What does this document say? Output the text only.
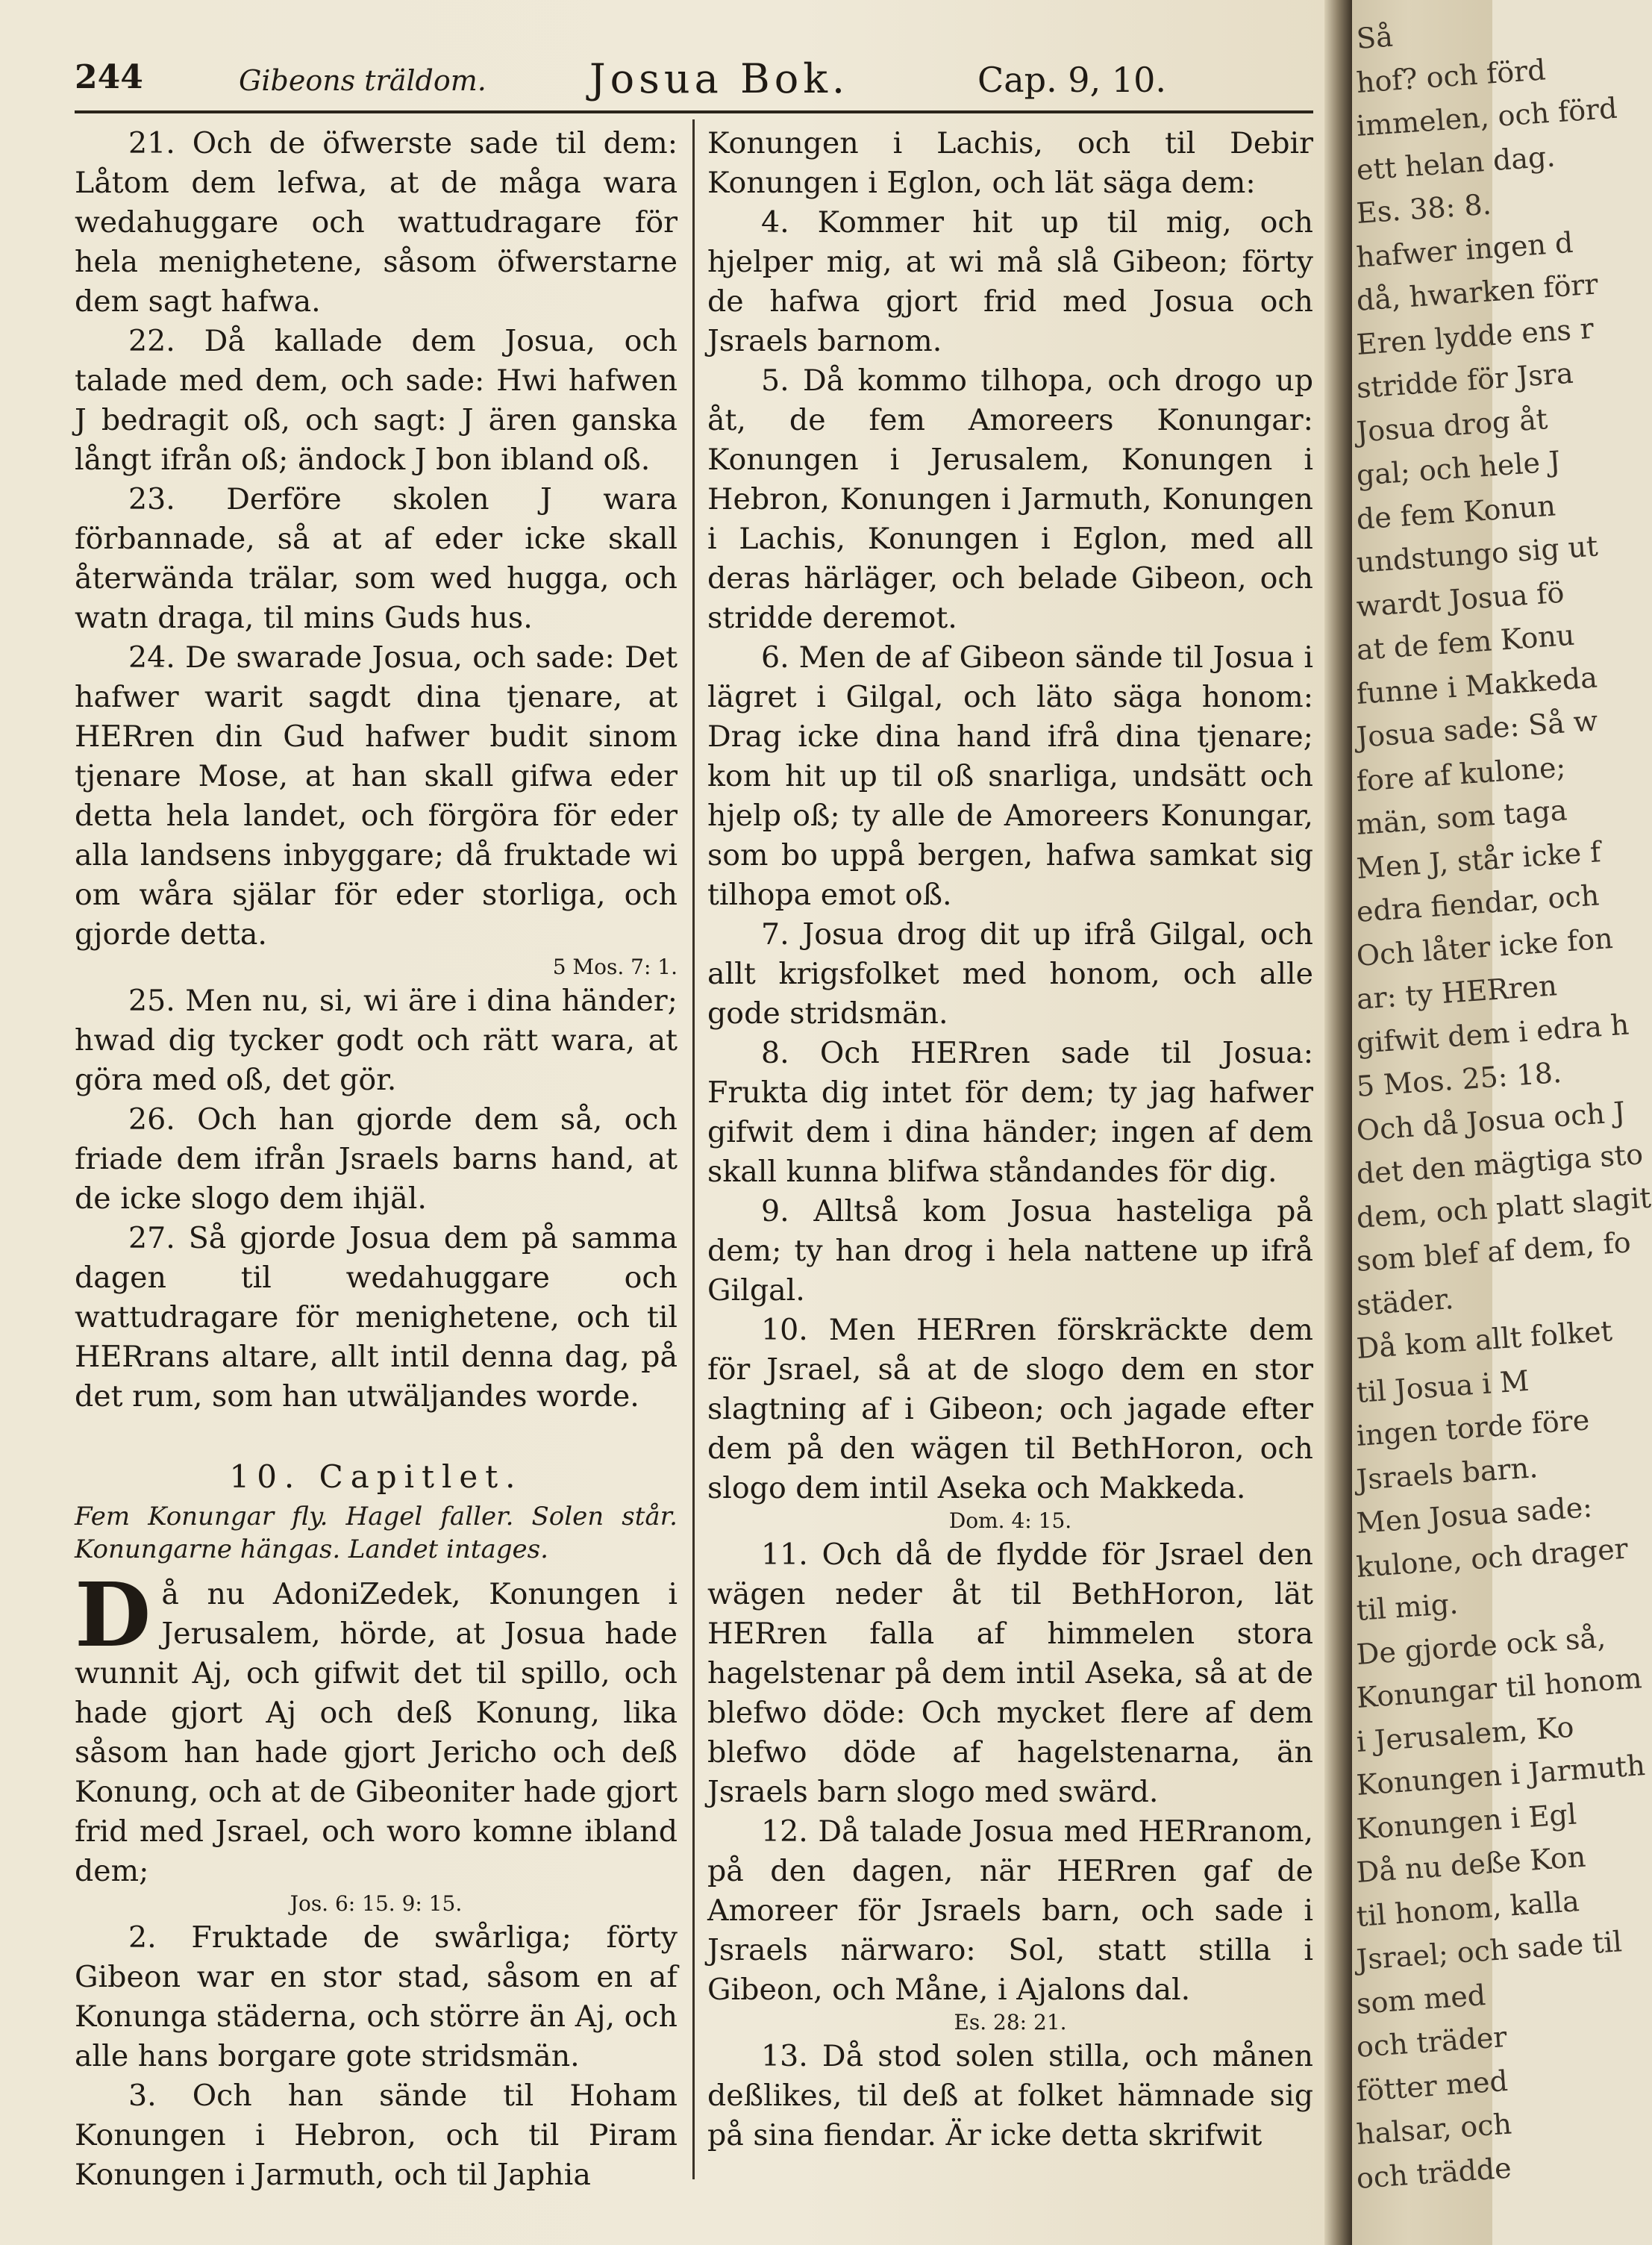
244	Gibeons träldom.	Josua Bok.	Cap. 9, 10.

21. Och de öfwerste sade til dem: Låtom dem lefwa, at de måga wara wedahuggare och wattudragare för hela menighetene, såsom öfwerstarne dem sagt hafwa.

22. Då kallade dem Josua, och talade med dem, och sade: Hwi hafwen J bedragit oß, och sagt: J ären ganska långt ifrån oß; ändock J bon ibland oß.

23. Derföre skolen J wara förbannade, så at af eder icke skall återwända trälar, som wed hugga, och watn draga, til mins Guds hus.

24. De swarade Josua, och sade: Det hafwer warit sagdt dina tjenare, at HERren din Gud hafwer budit sinom tjenare Mose, at han skall gifwa eder detta hela landet, och förgöra för eder alla landsens inbyggare; då fruktade wi om wåra själar för eder storliga, och gjorde detta.

5 Mos. 7: 1.

25. Men nu, si, wi äre i dina händer; hwad dig tycker godt och rätt wara, at göra med oß, det gör.

26. Och han gjorde dem så, och friade dem ifrån Jsraels barns hand, at de icke slogo dem ihjäl.

27. Så gjorde Josua dem på samma dagen til wedahuggare och wattudragare för menighetene, och til HERrans altare, allt intil denna dag, på det rum, som han utwäljandes worde.

10. Capitlet.

Fem Konungar fly. Hagel faller. Solen står. Konungarne hängas. Landet intages.

Då nu AdoniZedek, Konungen i Jerusalem, hörde, at Josua hade wunnit Aj, och gifwit det til spillo, och hade gjort Aj och deß Konung, lika såsom han hade gjort Jericho och deß Konung, och at de Gibeoniter hade gjort frid med Jsrael, och woro komne ibland dem;

Jos. 6: 15. 9: 15.

2. Fruktade de swårliga; förty Gibeon war en stor stad, såsom en af Konunga städerna, och större än Aj, och alle hans borgare gote stridsmän.

3. Och han sände til Hoham Konungen i Hebron, och til Piram Konungen i Jarmuth, och til Japhia

Konungen i Lachis, och til Debir Konungen i Eglon, och lät säga dem:

4. Kommer hit up til mig, och hjelper mig, at wi må slå Gibeon; förty de hafwa gjort frid med Josua och Jsraels barnom.

5. Då kommo tilhopa, och drogo up åt, de fem Amoreers Konungar: Konungen i Jerusalem, Konungen i Hebron, Konungen i Jarmuth, Konungen i Lachis, Konungen i Eglon, med all deras härläger, och belade Gibeon, och stridde deremot.

6. Men de af Gibeon sände til Josua i lägret i Gilgal, och läto säga honom: Drag icke dina hand ifrå dina tjenare; kom hit up til oß snarliga, undsätt och hjelp oß; ty alle de Amoreers Konungar, som bo uppå bergen, hafwa samkat sig tilhopa emot oß.

7. Josua drog dit up ifrå Gilgal, och allt krigsfolket med honom, och alle gode stridsmän.

8. Och HERren sade til Josua: Frukta dig intet för dem; ty jag hafwer gifwit dem i dina händer; ingen af dem skall kunna blifwa ståndandes för dig.

9. Alltså kom Josua hasteliga på dem; ty han drog i hela nattene up ifrå Gilgal.

10. Men HERren förskräckte dem för Jsrael, så at de slogo dem en stor slagtning af i Gibeon; och jagade efter dem på den wägen til BethHoron, och slogo dem intil Aseka och Makkeda.

Dom. 4: 15.

11. Och då de flydde för Jsrael den wägen neder åt til BethHoron, lät HERren falla af himmelen stora hagelstenar på dem intil Aseka, så at de blefwo döde: Och mycket flere af dem blefwo döde af hagelstenarna, än Jsraels barn slogo med swärd.

12. Då talade Josua med HERranom, på den dagen, när HERren gaf de Amoreer för Jsraels barn, och sade i Jsraels närwaro: Sol, statt stilla i Gibeon, och Måne, i Ajalons dal.

Es. 28: 21.

13. Då stod solen stilla, och månen deßlikes, til deß at folket hämnade sig på sina fiendar. Är icke detta skrifwit

Så
hof? och förd
immelen, och förd
ett helan dag.
Es. 38: 8.
hafwer ingen d
då, hwarken förr
Eren lydde ens r
stridde för Jsra
Josua drog åt
gal; och hele J
de fem Konun
undstungo sig ut
wardt Josua fö
at de fem Konu
funne i Makkeda
Josua sade: Så w
fore af kulone;
män, som taga
Men J, står icke f
edra fiendar, och
Och låter icke fon
ar: ty HERren
gifwit dem i edra h
5 Mos. 25: 18.
Och då Josua och J
det den mägtiga sto
dem, och platt slagit
som blef af dem, fo
städer.
Då kom allt folket
til Josua i M
ingen torde före
Jsraels barn.
Men Josua sade:
kulone, och drager
til mig.
De gjorde ock så,
Konungar til honom
i Jerusalem, Ko
Konungen i Jarmuth
Konungen i Egl
Då nu deße Kon
til honom, kalla
Jsrael; och sade til
som med
och träder
fötter med
halsar, och
och trädde
